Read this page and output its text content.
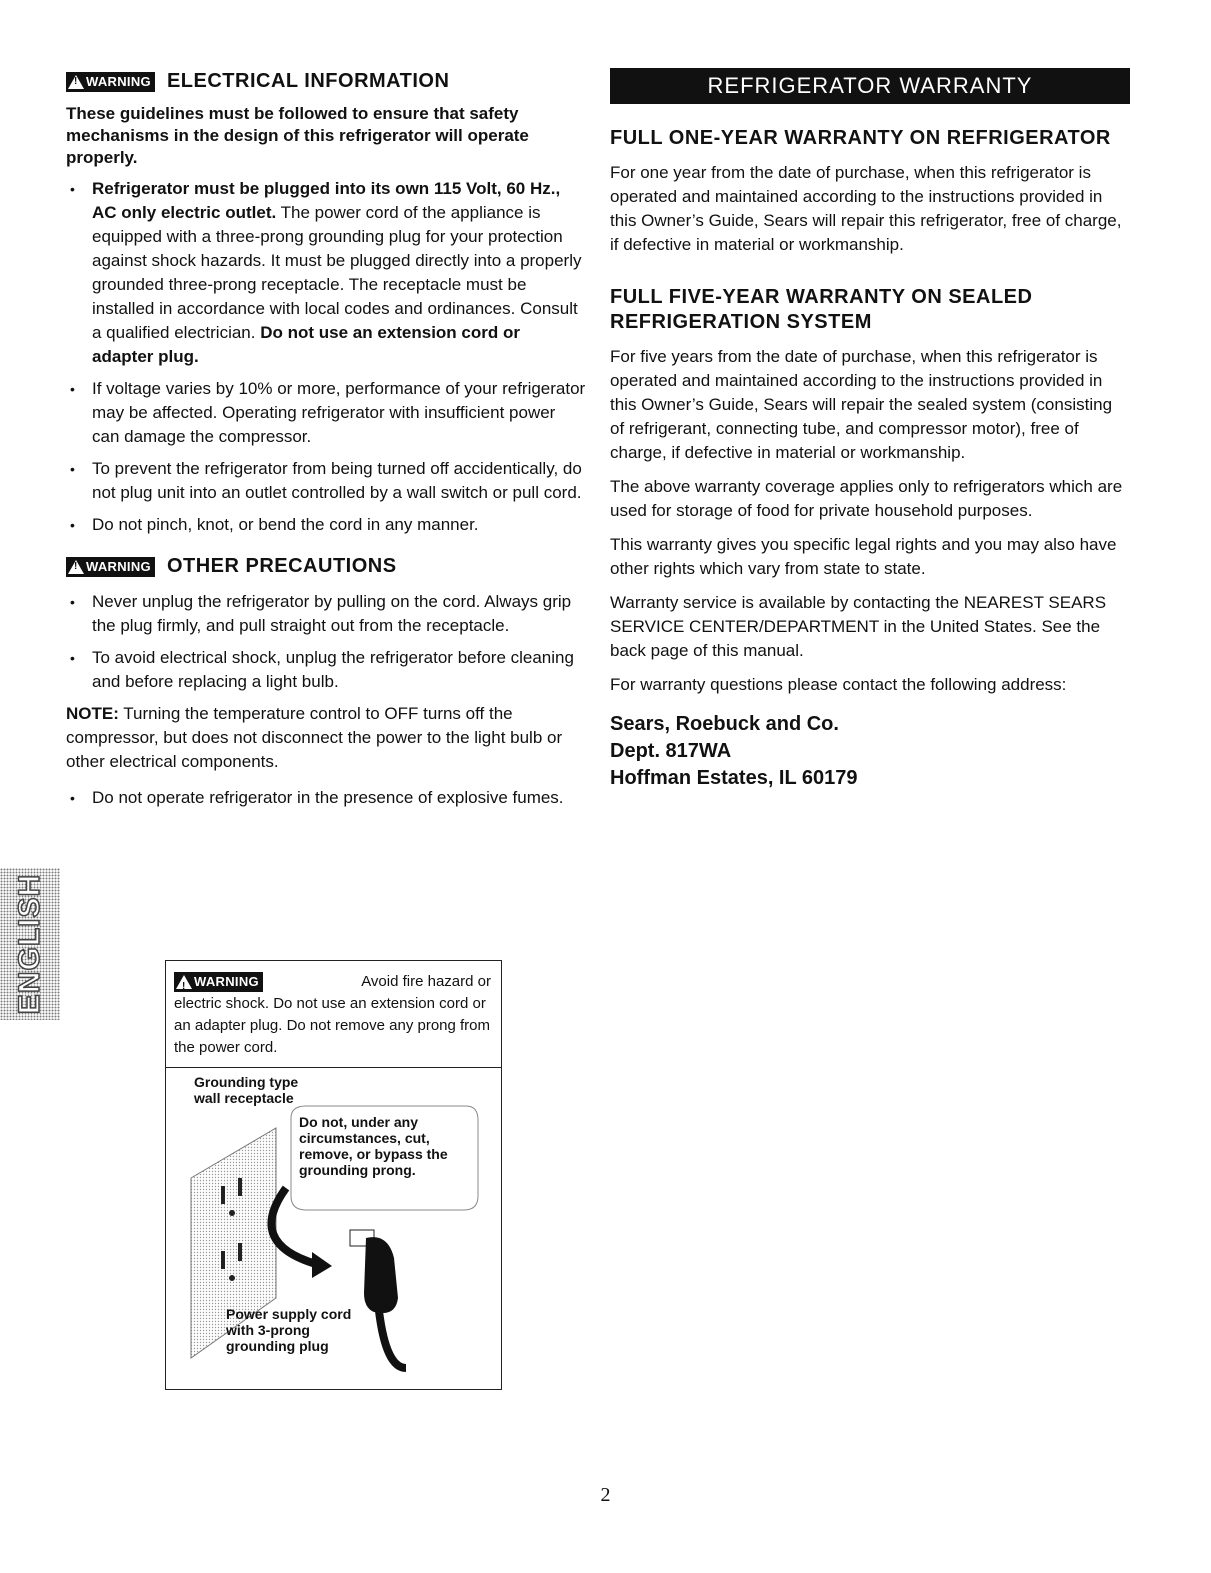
!
WARNING ELECTRICAL INFORMATION
These guidelines must be followed to ensure that safety mechanisms in the design of this refrigerator will operate properly.
• Refrigerator must be plugged into its own 115 Volt, 60 Hz., AC only electric outlet. The power cord of the appliance is equipped with a three-prong grounding plug for your protection against shock hazards. It must be plugged directly into a properly grounded three-prong receptacle. The receptacle must be installed in accordance with local codes and ordinances. Consult a qualified electrician. Do not use an extension cord or adapter plug.
• If voltage varies by 10% or more, performance of your refrigerator may be affected. Operating refrigerator with insufficient power can damage the compressor.
• To prevent the refrigerator from being turned off accidentically, do not plug unit into an outlet controlled by a wall switch or pull cord.
• Do not pinch, knot, or bend the cord in any manner.
!
WARNING OTHER PRECAUTIONS
• Never unplug the refrigerator by pulling on the cord. Always grip the plug firmly, and pull straight out from the receptacle.
• To avoid electrical shock, unplug the refrigerator before cleaning and before replacing a light bulb.
NOTE: Turning the temperature control to OFF turns off the compressor, but does not disconnect the power to the light bulb or other electrical components.
• Do not operate refrigerator in the presence of explosive fumes.
ENGLISH
!	WARNING	Avoid fire hazard or
electric shock. Do not use an extension cord or an adapter plug. Do not remove any prong from the power cord.
Grounding type wall receptacle
Do not, under any circumstances, cut, remove, or bypass the grounding prong.
Power supply cord with 3-prong grounding plug
REFRIGERATOR WARRANTY
FULL ONE-YEAR WARRANTY ON REFRIGERATOR
For one year from the date of purchase, when this refrigerator is operated and maintained according to the instructions provided in this Owner’s Guide, Sears will repair this refrigerator, free of charge, if defective in material or workmanship.
FULL FIVE-YEAR WARRANTY ON SEALED REFRIGERATION SYSTEM
For five years from the date of purchase, when this refrigerator is operated and maintained according to the instructions provided in this Owner’s Guide, Sears will repair the sealed system (consisting of refrigerant, connecting tube, and compressor motor), free of charge, if defective in material or workmanship.
The above warranty coverage applies only to refrigerators which are used for storage of food for private household purposes.
This warranty gives you specific legal rights and you may also have other rights which vary from state to state.
Warranty service is available by contacting the NEAREST SEARS SERVICE CENTER/DEPARTMENT in the United States. See the back page of this manual.
For warranty questions please contact the following address:
Sears, Roebuck and Co.
Dept. 817WA
Hoffman Estates, IL 60179
2
